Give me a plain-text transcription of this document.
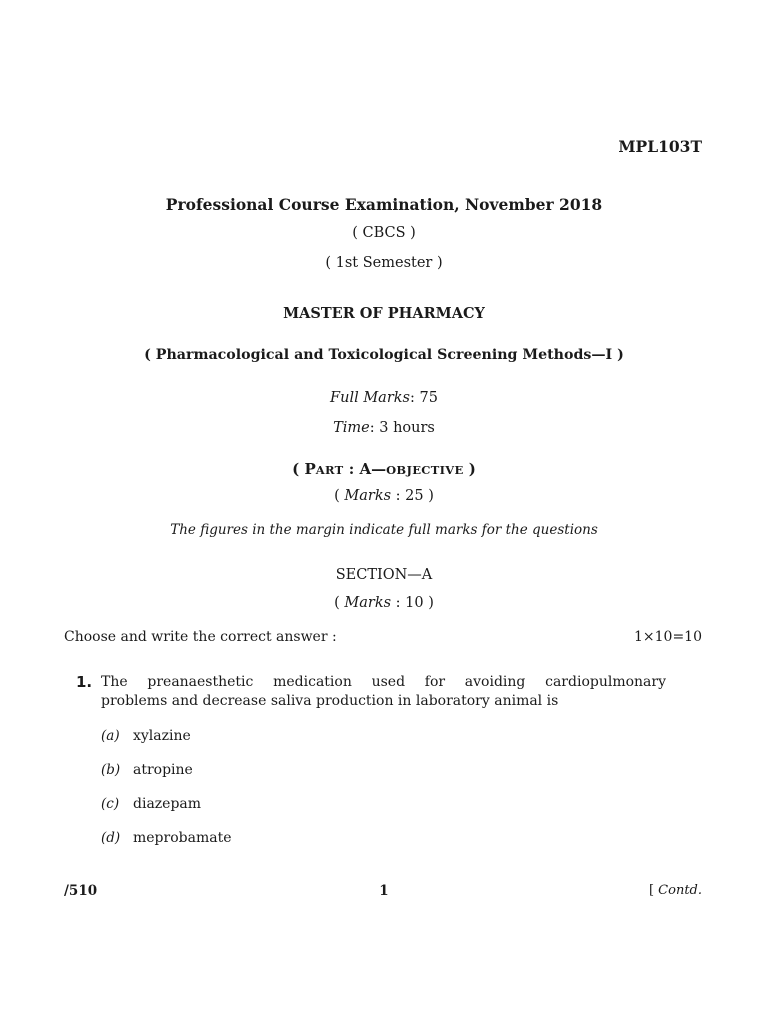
MPL103T
Professional Course Examination, November 2018
( CBCS )
( 1st Semester )
MASTER OF PHARMACY
( Pharmacological and Toxicological Screening Methods—I )
Full Marks: 75
Time: 3 hours
( PART : A—OBJECTIVE )
( Marks : 25 )
The figures in the margin indicate full marks for the questions
SECTION—A
( Marks : 10 )
Choose and write the correct answer :	1×10=10
1. The preanaesthetic medication used for avoiding cardiopulmonary
problems and decrease saliva production in laboratory animal is
(a) xylazine
(b) atropine
(c) diazepam
(d) meprobamate
/510	1	[ Contd.
